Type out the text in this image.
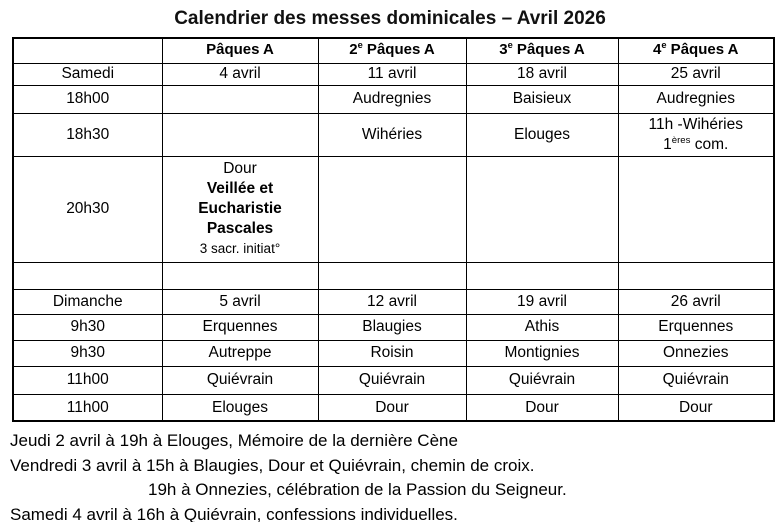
Calendrier des messes dominicales – Avril 2026
	Pâques A	2e Pâques A	3e Pâques A	4e Pâques A
Samedi	4 avril	11 avril	18 avril	25 avril
18h00		Audregnies	Baisieux	Audregnies
18h30		Wihéries	Elouges	11h -Wihéries
1ères com.

20h30	Dour
Veillée et
Eucharistie
Pascales
3 sacr. initiat°			

Dimanche	5 avril	12 avril	19 avril	26 avril
9h30	Erquennes	Blaugies	Athis	Erquennes
9h30	Autreppe	Roisin	Montignies	Onnezies
11h00	Quiévrain	Quiévrain	Quiévrain	Quiévrain
11h00	Elouges	Dour	Dour	Dour
Jeudi 2 avril à 19h à Elouges, Mémoire de la dernière Cène
Vendredi 3 avril à 15h à Blaugies, Dour et Quiévrain, chemin de croix.
19h à Onnezies, célébration de la Passion du Seigneur.
Samedi 4 avril à 16h à Quiévrain, confessions individuelles.
